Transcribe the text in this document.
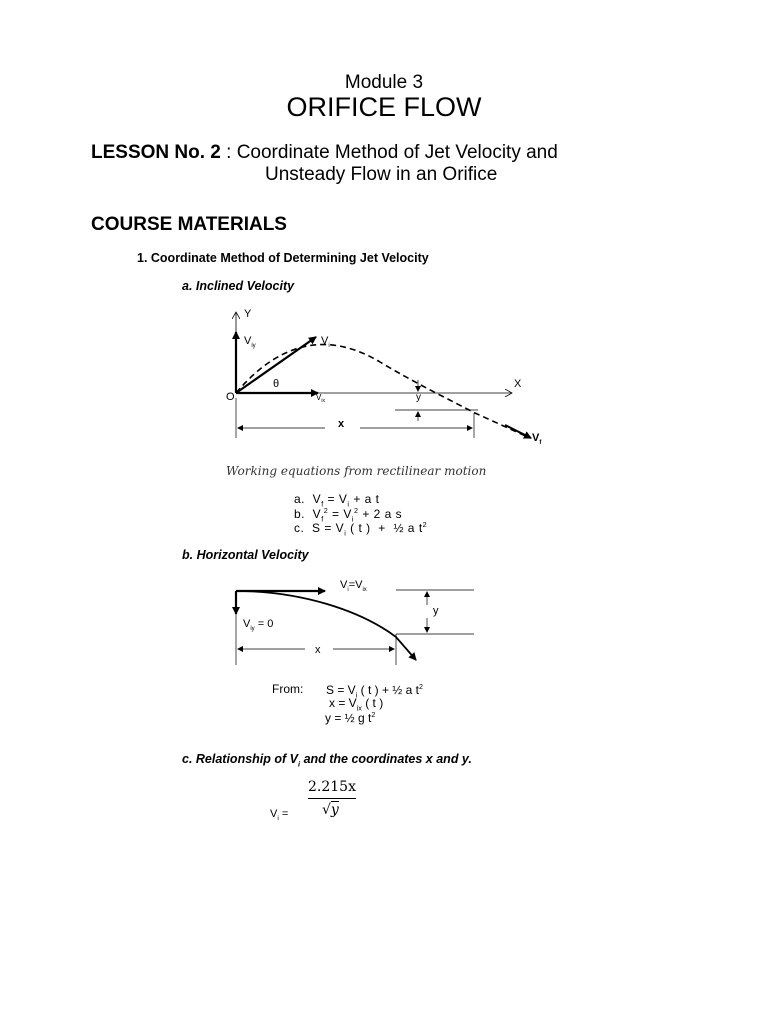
Module 3
ORIFICE FLOW
LESSON No. 2 : Coordinate Method of Jet Velocity and
Unsteady Flow in an Orifice
COURSE MATERIALS
1. Coordinate Method of Determining Jet Velocity
a. Inclined Velocity
θ
O
Y
X
$V_{iy}$	$V_i$
$V_{ix}$
$V_f$
y
x
x
y
$V_i=V_{ix}$
$V_{iy} = 0$
Working equations from rectilinear motion
a.  $V_f = V_i + a$ t
b.  $V_f^2 = V_i^2 + 2$ a s
c.  $S = V_i$ ( t )  +  ½ a $t^2$
b. Horizontal Velocity
From: $S = V_i$ ( t ) + ½ a $t^2$
$x = V_{ix}$ ( t )
y = ½ g $t^2$
c. Relationship of $V_i$ and the coordinates x and y.
2.215x
√y
$V_i$ =
